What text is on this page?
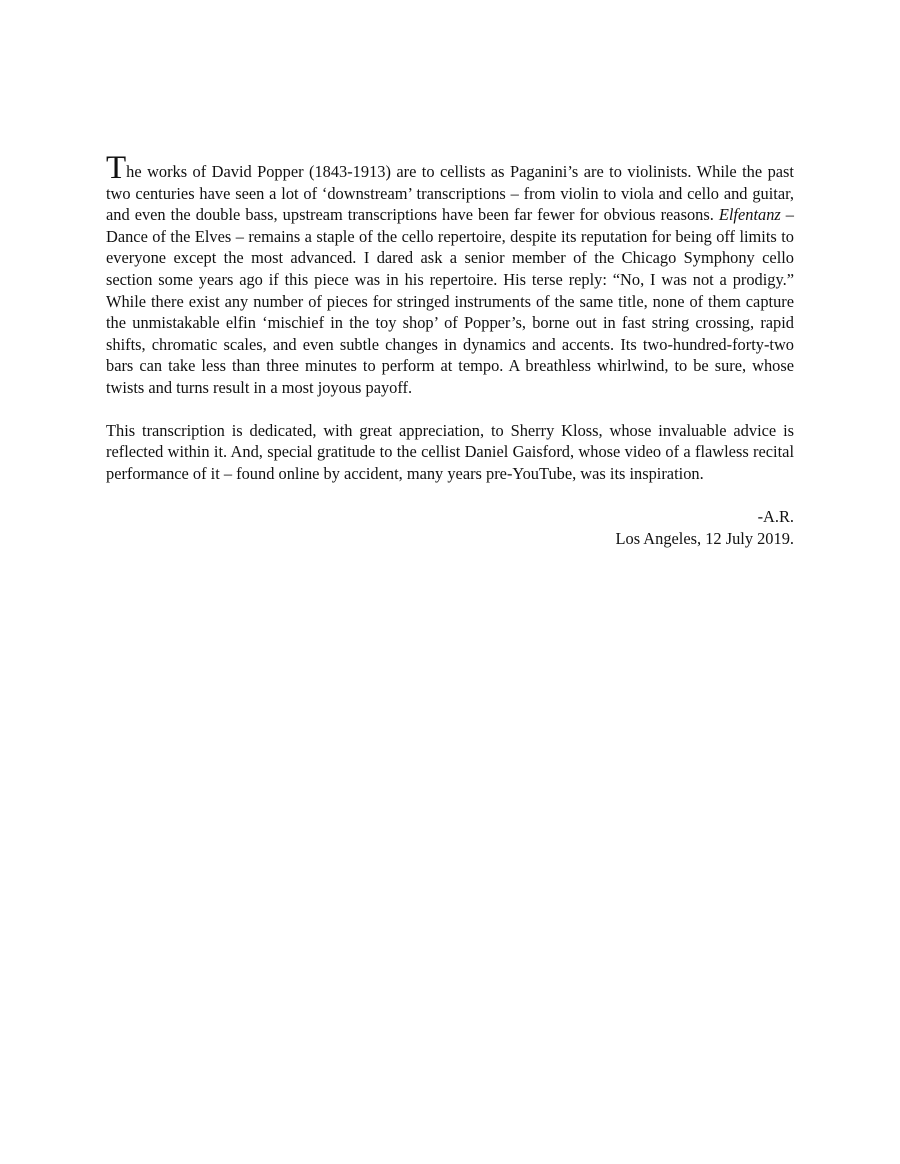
The works of David Popper (1843-1913) are to cellists as Paganini’s are to violinists. While the past two centuries have seen a lot of ‘downstream’ transcriptions – from violin to viola and cello and guitar, and even the double bass, upstream transcriptions have been far fewer for obvious reasons. Elfentanz – Dance of the Elves – remains a staple of the cello repertoire, despite its reputation for being off limits to everyone except the most advanced. I dared ask a senior member of the Chicago Symphony cello section some years ago if this piece was in his repertoire. His terse reply: “No, I was not a prodigy.” While there exist any number of pieces for stringed instruments of the same title, none of them capture the unmistakable elfin ‘mischief in the toy shop’ of Popper’s, borne out in fast string crossing, rapid shifts, chromatic scales, and even subtle changes in dynamics and accents. Its two-hundred-forty-two bars can take less than three minutes to perform at tempo. A breathless whirlwind, to be sure, whose twists and turns result in a most joyous payoff.

This transcription is dedicated, with great appreciation, to Sherry Kloss, whose invaluable advice is reflected within it. And, special gratitude to the cellist Daniel Gaisford, whose video of a flawless recital performance of it – found online by accident, many years pre-YouTube, was its inspiration.

-A.R.
Los Angeles, 12 July 2019.
